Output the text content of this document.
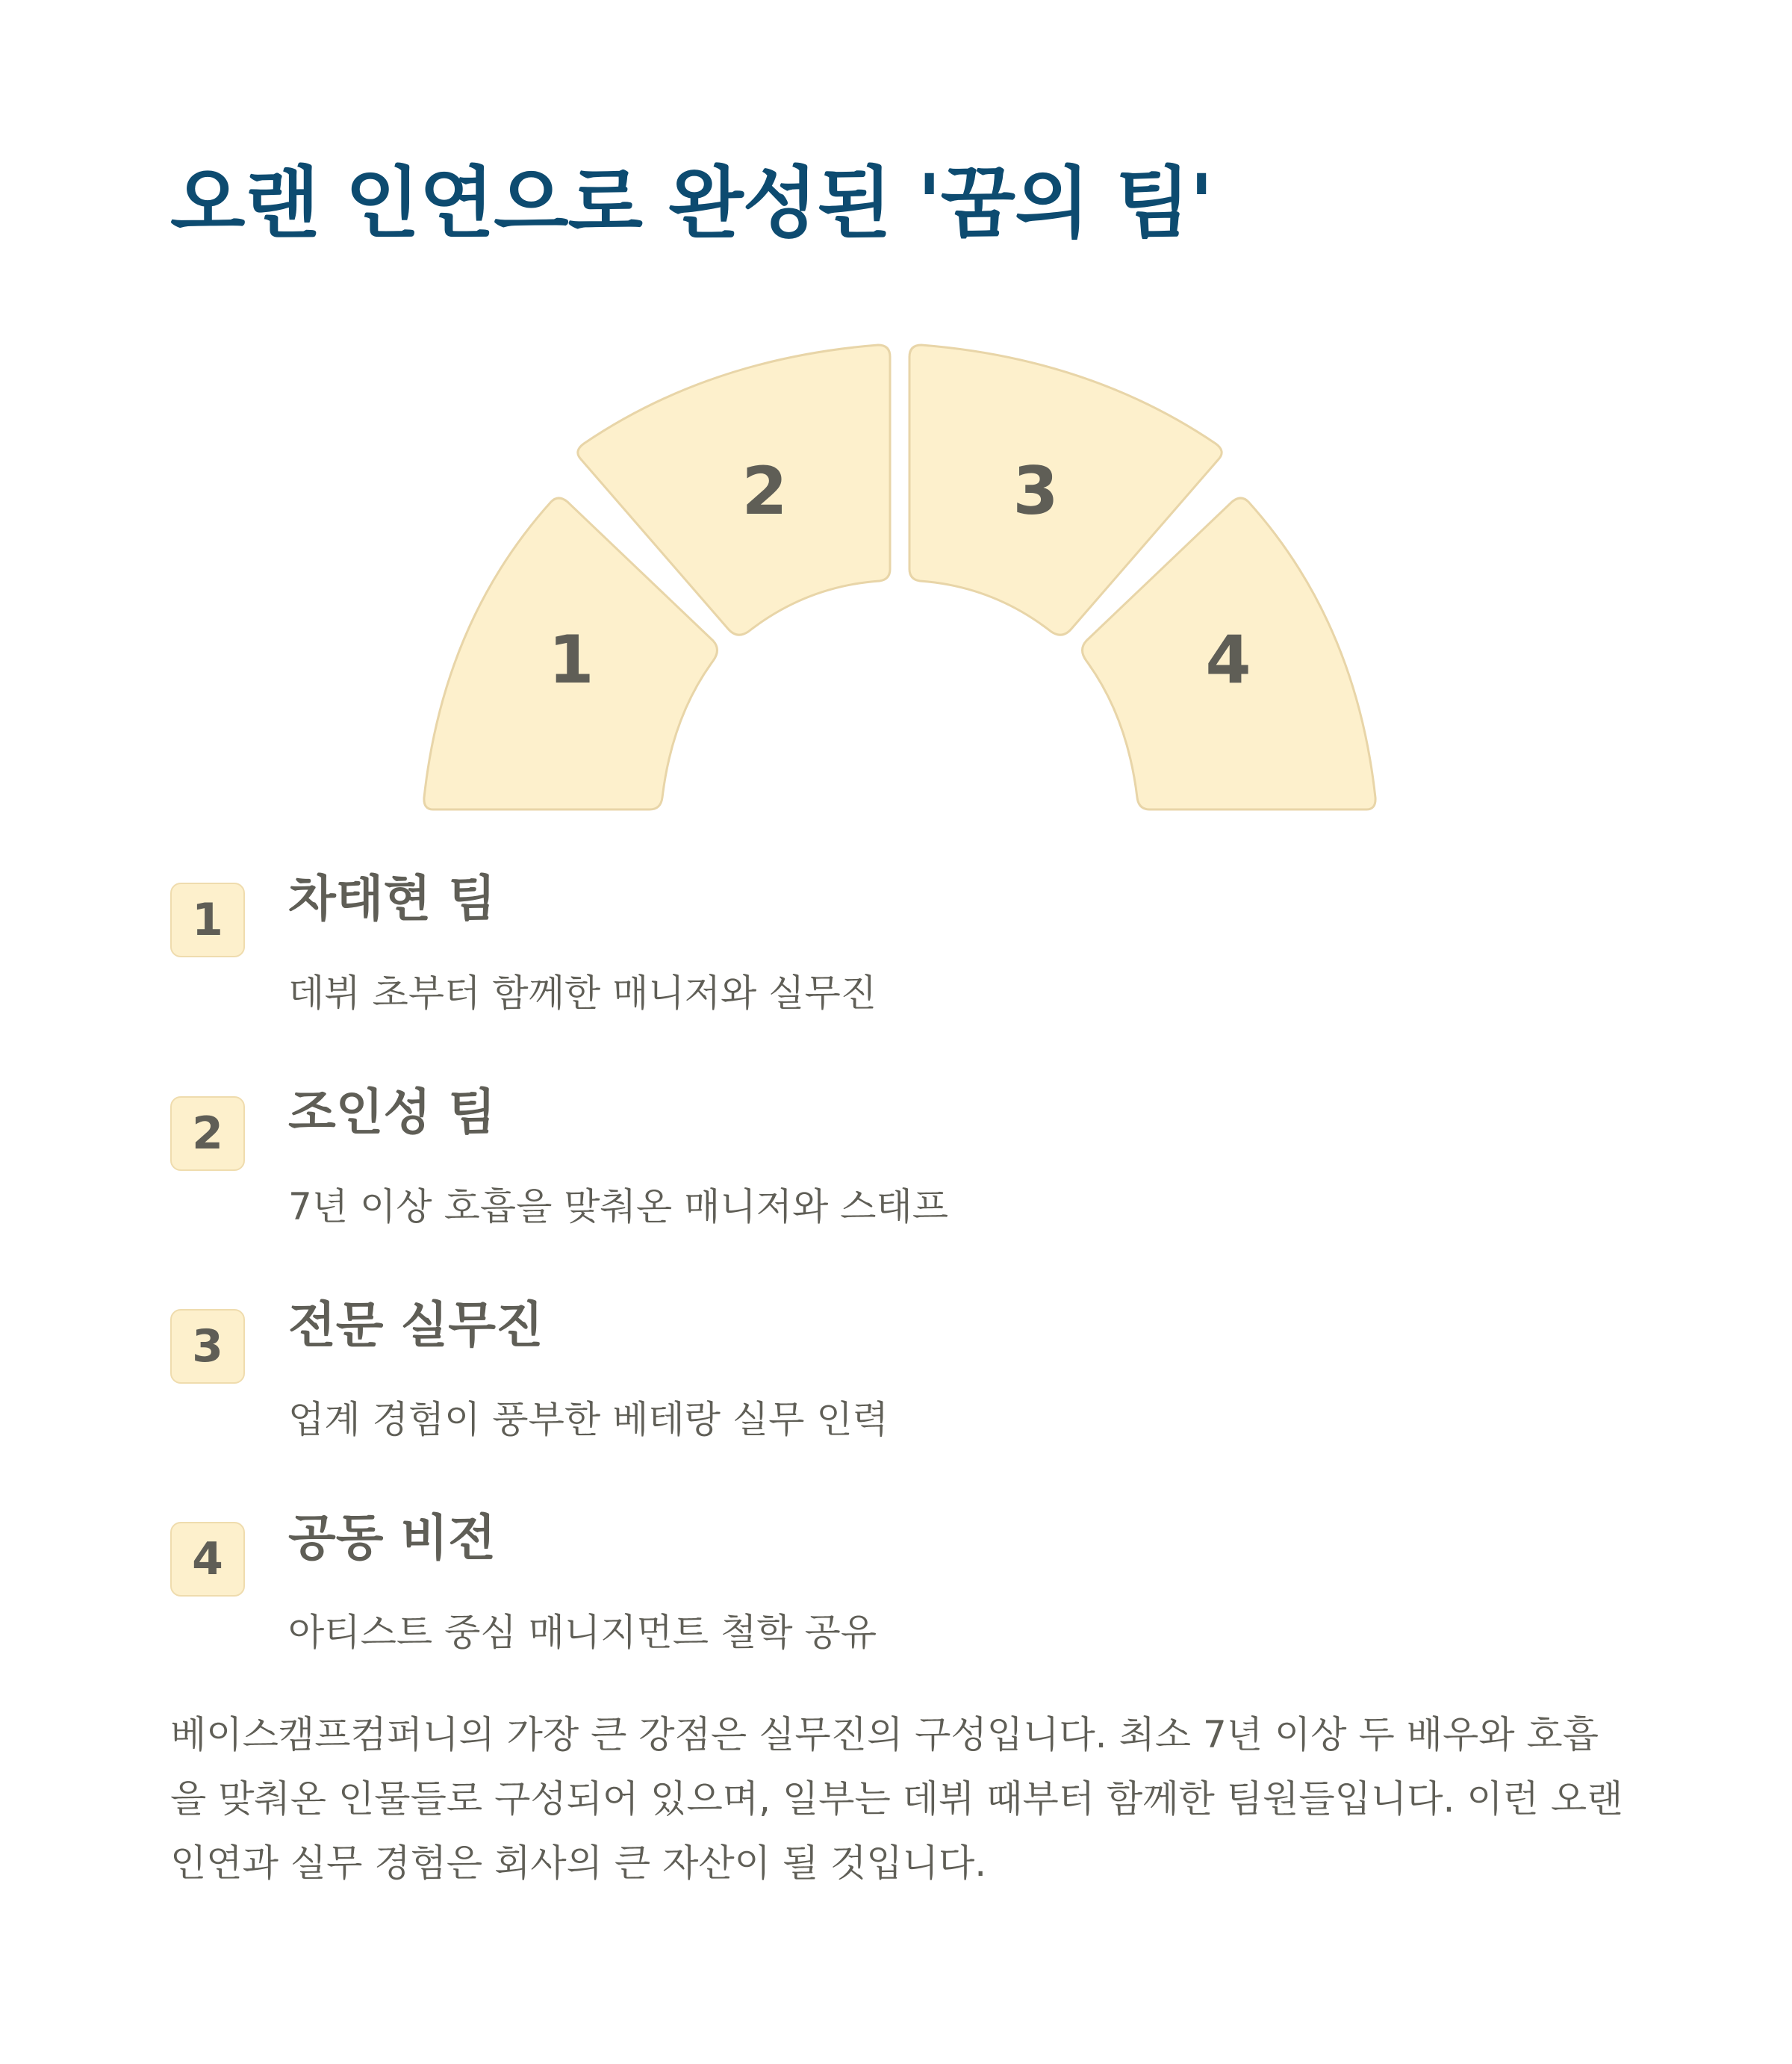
오랜 인연으로 완성된 '꿈의 팀'
1
2	3
4
1	차태현 팀

데뷔 초부터 함께한 매니저와 실무진

2	조인성 팀

7년 이상 호흡을 맞춰온 매니저와 스태프

3	전문 실무진

업계 경험이 풍부한 베테랑 실무 인력

4	공동 비전

아티스트 중심 매니지먼트 철학 공유

베이스캠프컴퍼니의 가장 큰 강점은 실무진의 구성입니다. 최소 7년 이상 두 배우와 호흡을 맞춰온 인물들로 구성되어 있으며, 일부는 데뷔 때부터 함께한 팀원들입니다. 이런 오랜 인연과 실무 경험은 회사의 큰 자산이 될 것입니다.
